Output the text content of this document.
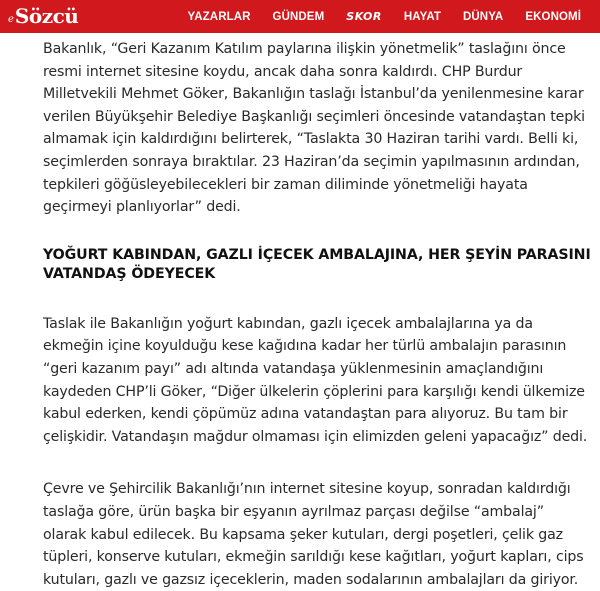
e Sözcü	YAZARLAR	GÜNDEM	SKOR	HAYAT	DÜNYA	EKONOMİ

Bakanlık, “Geri Kazanım Katılım paylarına ilişkin yönetmelik” taslağını önce resmi internet sitesine koydu, ancak daha sonra kaldırdı. CHP Burdur Milletvekili Mehmet Göker, Bakanlığın taslağı İstanbul’da yenilenmesine karar verilen Büyükşehir Belediye Başkanlığı seçimleri öncesinde vatandaştan tepki almamak için kaldırdığını belirterek, “Taslakta 30 Haziran tarihi vardı. Belli ki, seçimlerden sonraya bıraktılar. 23 Haziran’da seçimin yapılmasının ardından, tepkileri göğüsleyebilecekleri bir zaman diliminde yönetmeliği hayata geçirmeyi planlıyorlar” dedi.

YOĞURT KABINDAN, GAZLI İÇECEK AMBALAJINA, HER ŞEYİN PARASINI VATANDAŞ ÖDEYECEK

Taslak ile Bakanlığın yoğurt kabından, gazlı içecek ambalajlarına ya da ekmeğin içine koyulduğu kese kağıdına kadar her türlü ambalajın parasının “geri kazanım payı” adı altında vatandaşa yüklenmesinin amaçlandığını kaydeden CHP’li Göker, “Diğer ülkelerin çöplerini para karşılığı kendi ülkemize kabul ederken, kendi çöpümüz adına vatandaştan para alıyoruz. Bu tam bir çelişkidir. Vatandaşın mağdur olmaması için elimizden geleni yapacağız” dedi.

Çevre ve Şehircilik Bakanlığı’nın internet sitesine koyup, sonradan kaldırdığı taslağa göre, ürün başka bir eşyanın ayrılmaz parçası değilse “ambalaj” olarak kabul edilecek. Bu kapsama şeker kutuları, dergi poşetleri, çelik gaz tüpleri, konserve kutuları, ekmeğin sarıldığı kese kağıtları, yoğurt kapları, cips kutuları, gazlı ve gazsız içeceklerin, maden sodalarının ambalajları da giriyor.
